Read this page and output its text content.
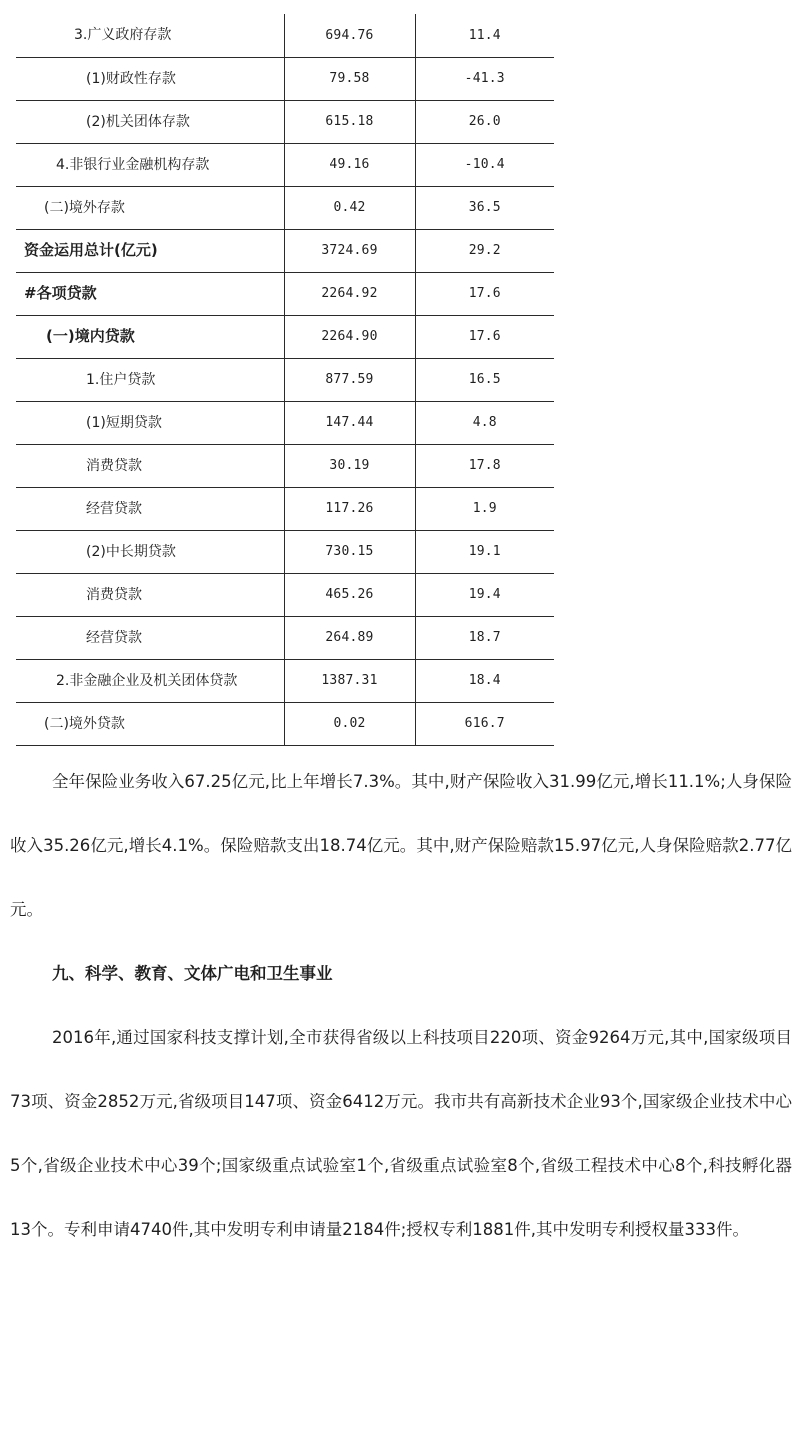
3.广义政府存款	694.76	11.4
(1)财政性存款	79.58	-41.3
(2)机关团体存款	615.18	26.0
4.非银行业金融机构存款	49.16	-10.4
(二)境外存款	0.42	36.5
资金运用总计(亿元)	3724.69	29.2
#各项贷款	2264.92	17.6
(一)境内贷款	2264.90	17.6
1.住户贷款	877.59	16.5
(1)短期贷款	147.44	4.8
消费贷款	30.19	17.8
经营贷款	117.26	1.9
(2)中长期贷款	730.15	19.1
消费贷款	465.26	19.4
经营贷款	264.89	18.7
2.非金融企业及机关团体贷款	1387.31	18.4
(二)境外贷款	0.02	616.7

全年保险业务收入67.25亿元,比上年增长7.3%。其中,财产保险收入31.99亿元,增长11.1%;人身保险收入35.26亿元,增长4.1%。保险赔款支出18.74亿元。其中,财产保险赔款15.97亿元,人身保险赔款2.77亿元。

九、科学、教育、文体广电和卫生事业

2016年,通过国家科技支撑计划,全市获得省级以上科技项目220项、资金9264万元,其中,国家级项目73项、资金2852万元,省级项目147项、资金6412万元。我市共有高新技术企业93个,国家级企业技术中心 5个,省级企业技术中心39个;国家级重点试验室1个,省级重点试验室8个,省级工程技术中心8个,科技孵化器13个。专利申请4740件,其中发明专利申请量2184件;授权专利1881件,其中发明专利授权量333件。
